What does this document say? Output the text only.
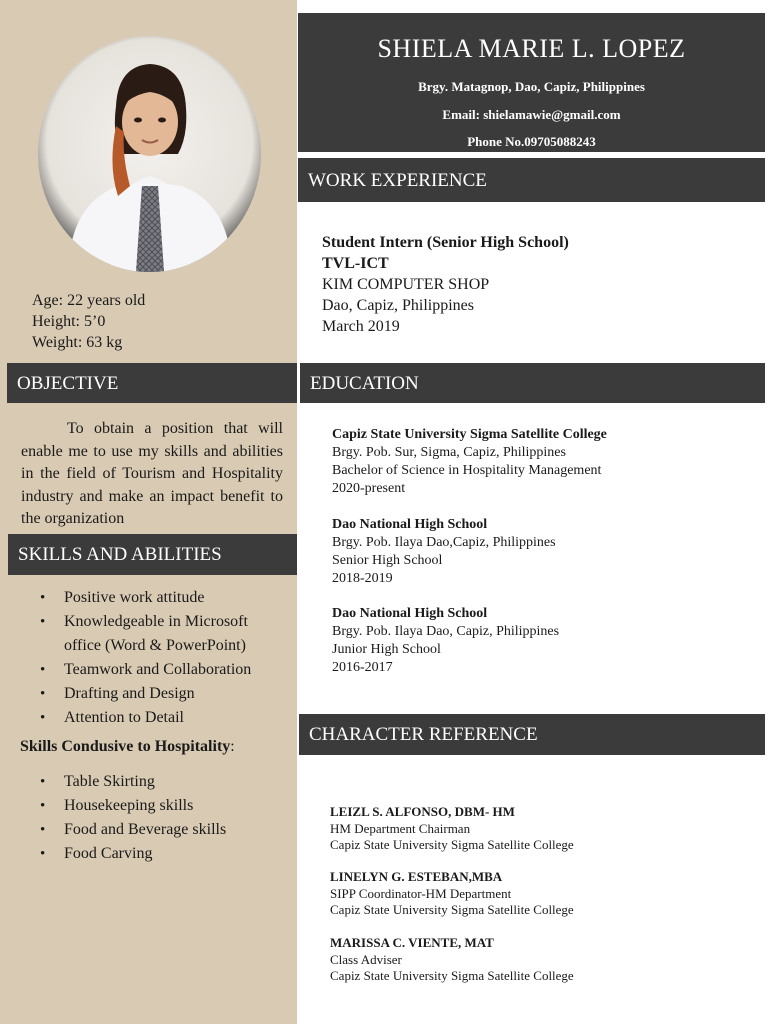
Age: 22 years old
Height: 5’0
Weight: 63 kg
OBJECTIVE
To obtain a position that will enable me to use my skills and abilities in the field of Tourism and Hospitality industry and make an impact benefit to the organization
SKILLS AND ABILITIES
• Positive work attitude
• Knowledgeable in Microsoft office (Word & PowerPoint)
• Teamwork and Collaboration
• Drafting and Design
• Attention to Detail
Skills Condusive to Hospitality:
• Table Skirting
• Housekeeping skills
• Food and Beverage skills
• Food Carving
SHIELA MARIE L. LOPEZ
Brgy. Matagnop, Dao, Capiz, Philippines
Email: shielamawie@gmail.com
Phone No.09705088243
WORK EXPERIENCE
Student Intern (Senior High School)
TVL-ICT
KIM COMPUTER SHOP
Dao, Capiz, Philippines
March 2019
EDUCATION
Capiz State University Sigma Satellite College
Brgy. Pob. Sur, Sigma, Capiz, Philippines
Bachelor of Science in Hospitality Management
2020-present
Dao National High School
Brgy. Pob. Ilaya Dao,Capiz, Philippines
Senior High School
2018-2019
Dao National High School
Brgy. Pob. Ilaya Dao, Capiz, Philippines
Junior High School
2016-2017
CHARACTER REFERENCE
LEIZL S. ALFONSO, DBM- HM
HM Department Chairman
Capiz State University Sigma Satellite College
LINELYN G. ESTEBAN,MBA
SIPP Coordinator-HM Department
Capiz State University Sigma Satellite College
MARISSA C. VIENTE, MAT
Class Adviser
Capiz State University Sigma Satellite College
